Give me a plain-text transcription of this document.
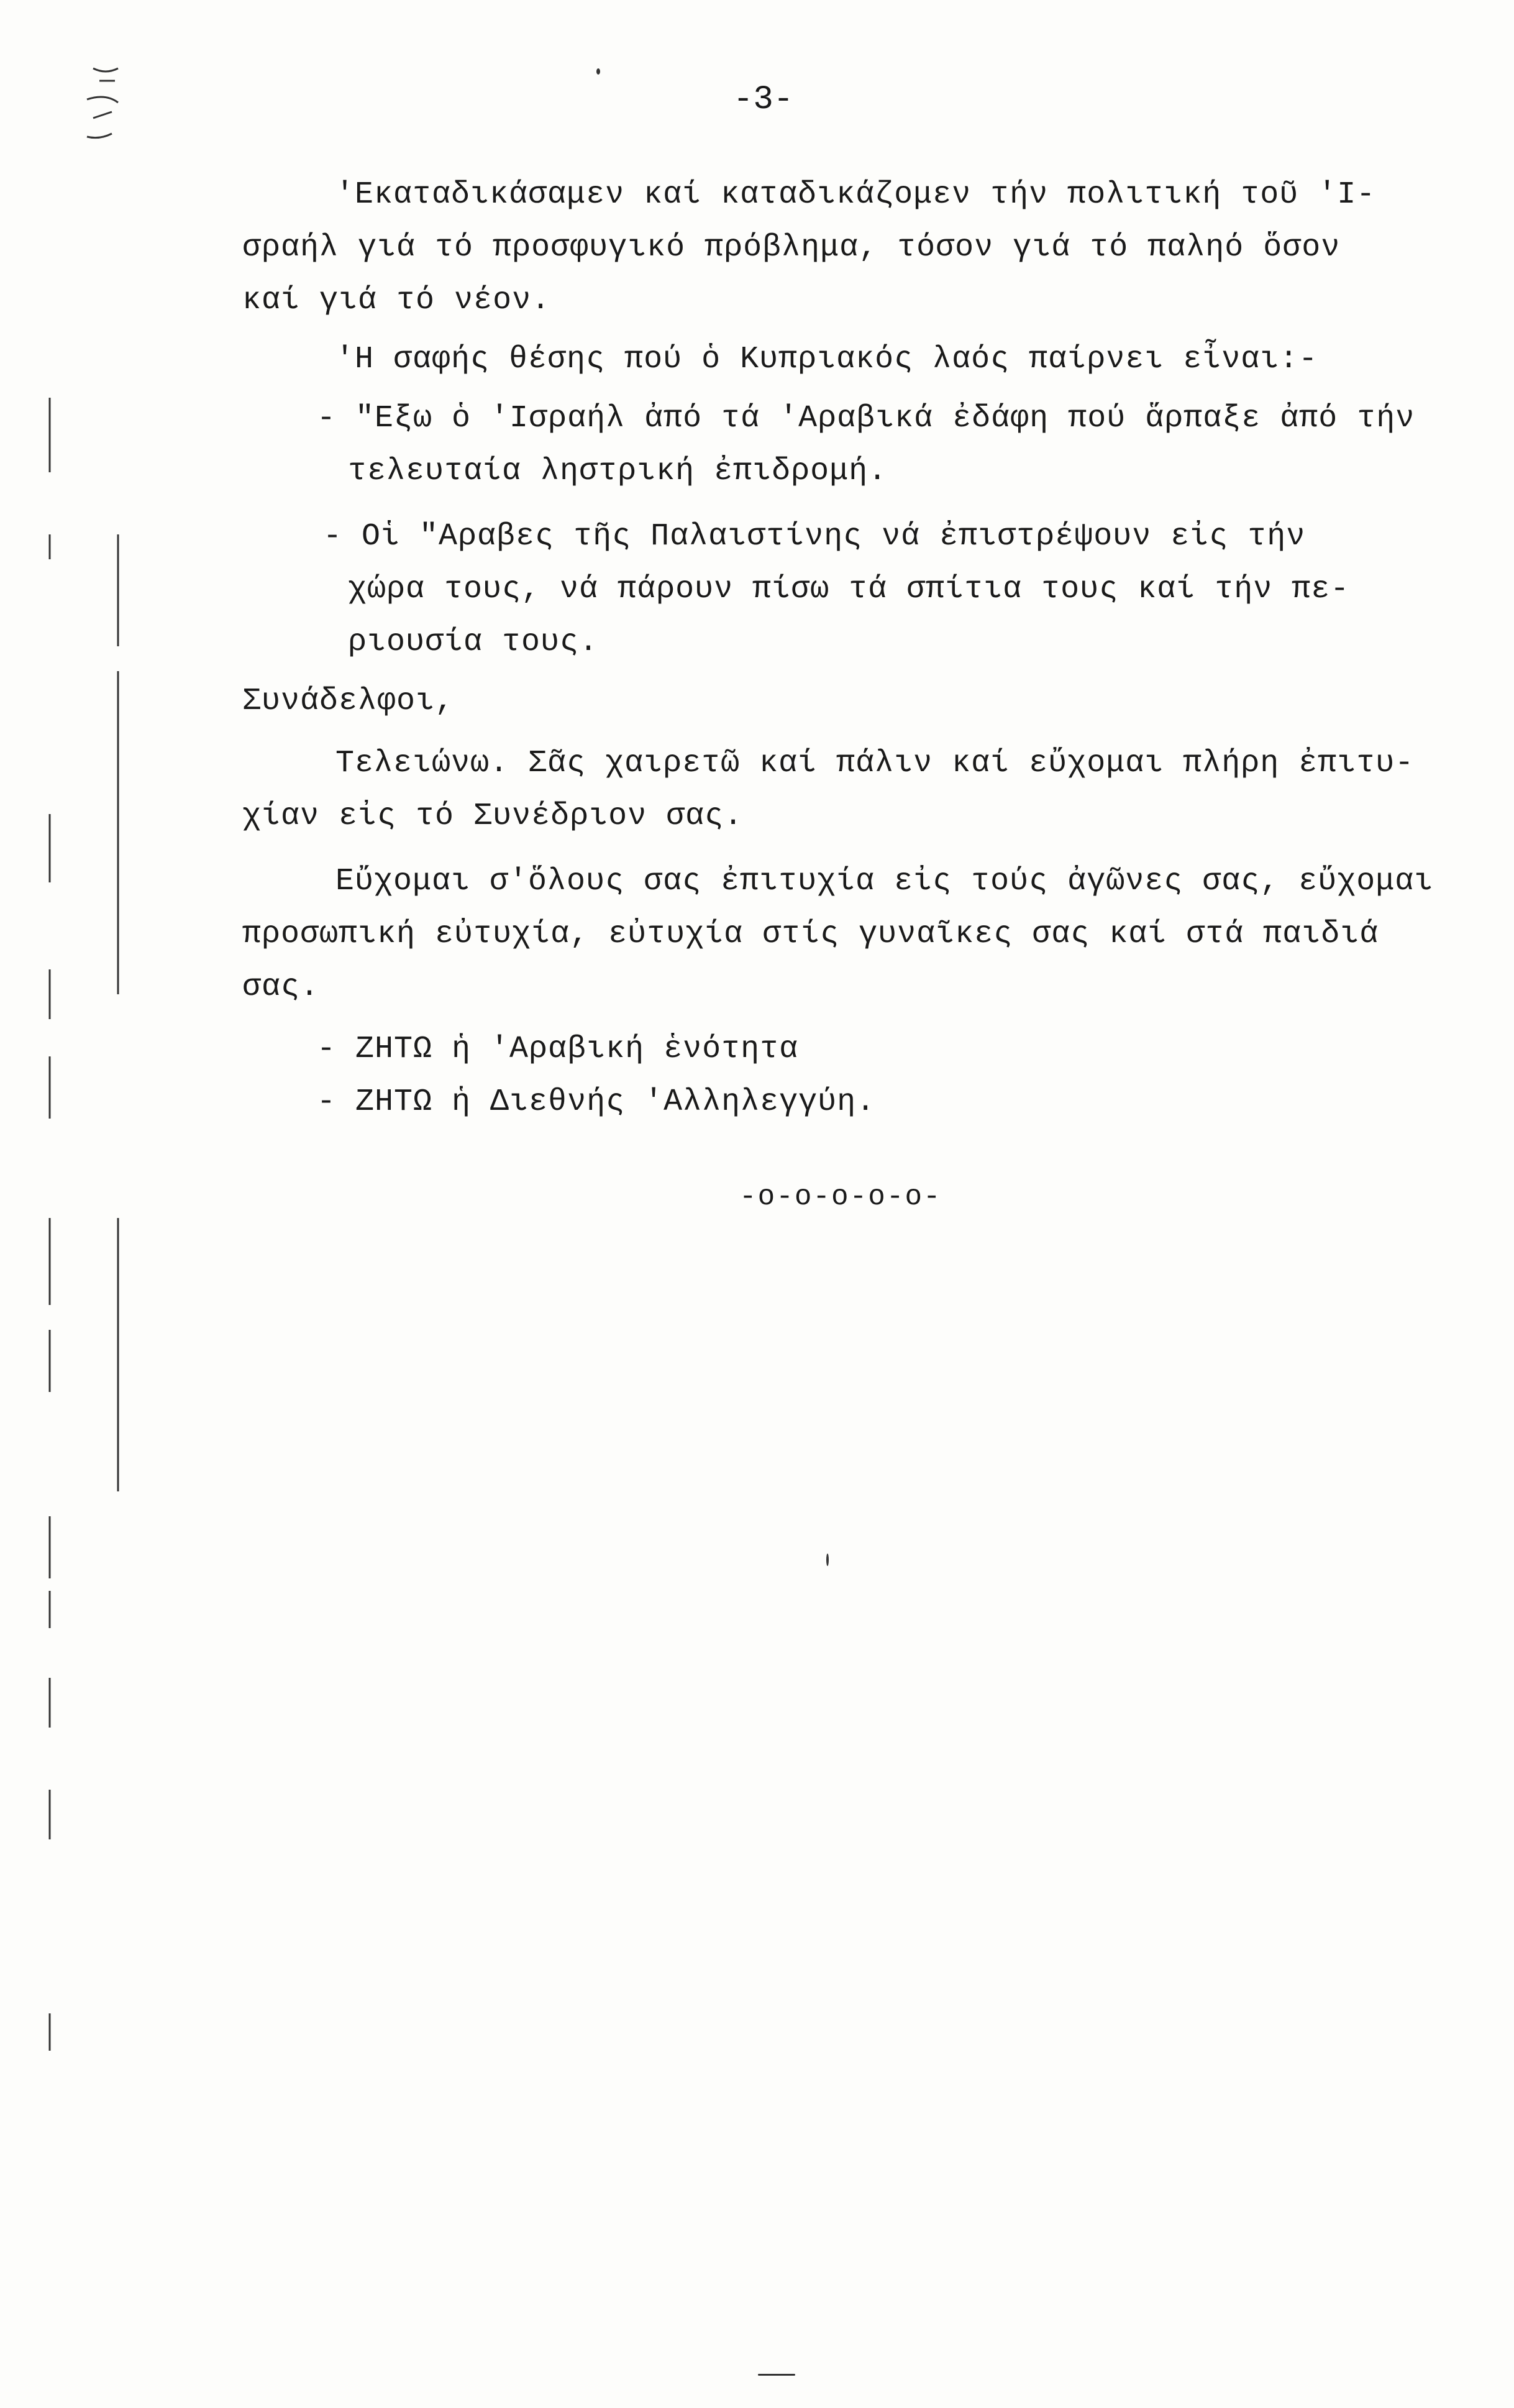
-3-
'Εκαταδικάσαμεν καί καταδικάζομεν τήν πολιτική τοῦ 'Ι-
σραήλ γιά τό προσφυγικό πρόβλημα, τόσον γιά τό παληό ὅσον
καί γιά τό νέον.
'Η σαφής θέσης πού ὁ Κυπριακός λαός παίρνει εἶναι:-
- "Εξω ὁ 'Ισραήλ ἀπό τά 'Αραβικά ἐδάφη πού ἅρπαξε ἀπό τήν
τελευταία ληστρική ἐπιδρομή.
- Οἱ "Αραβες τῆς Παλαιστίνης νά ἐπιστρέψουν εἰς τήν
χώρα τους, νά πάρουν πίσω τά σπίτια τους καί τήν πε-
ριουσία τους.
Συνάδελφοι,
Τελειώνω. Σᾶς χαιρετῶ καί πάλιν καί εὔχομαι πλήρη ἐπιτυ-
χίαν εἰς τό Συνέδριον σας.
Εὔχομαι σ'ὅλους σας ἐπιτυχία εἰς τούς ἀγῶνες σας, εὔχομαι
προσωπική εὐτυχία, εὐτυχία στίς γυναῖκες σας καί στά παιδιά
σας.
- ΖΗΤΩ ἡ 'Αραβική ἑνότητα
- ΖΗΤΩ ἡ Διεθνής 'Αλληλεγγύη.
-o-o-o-o-o-
